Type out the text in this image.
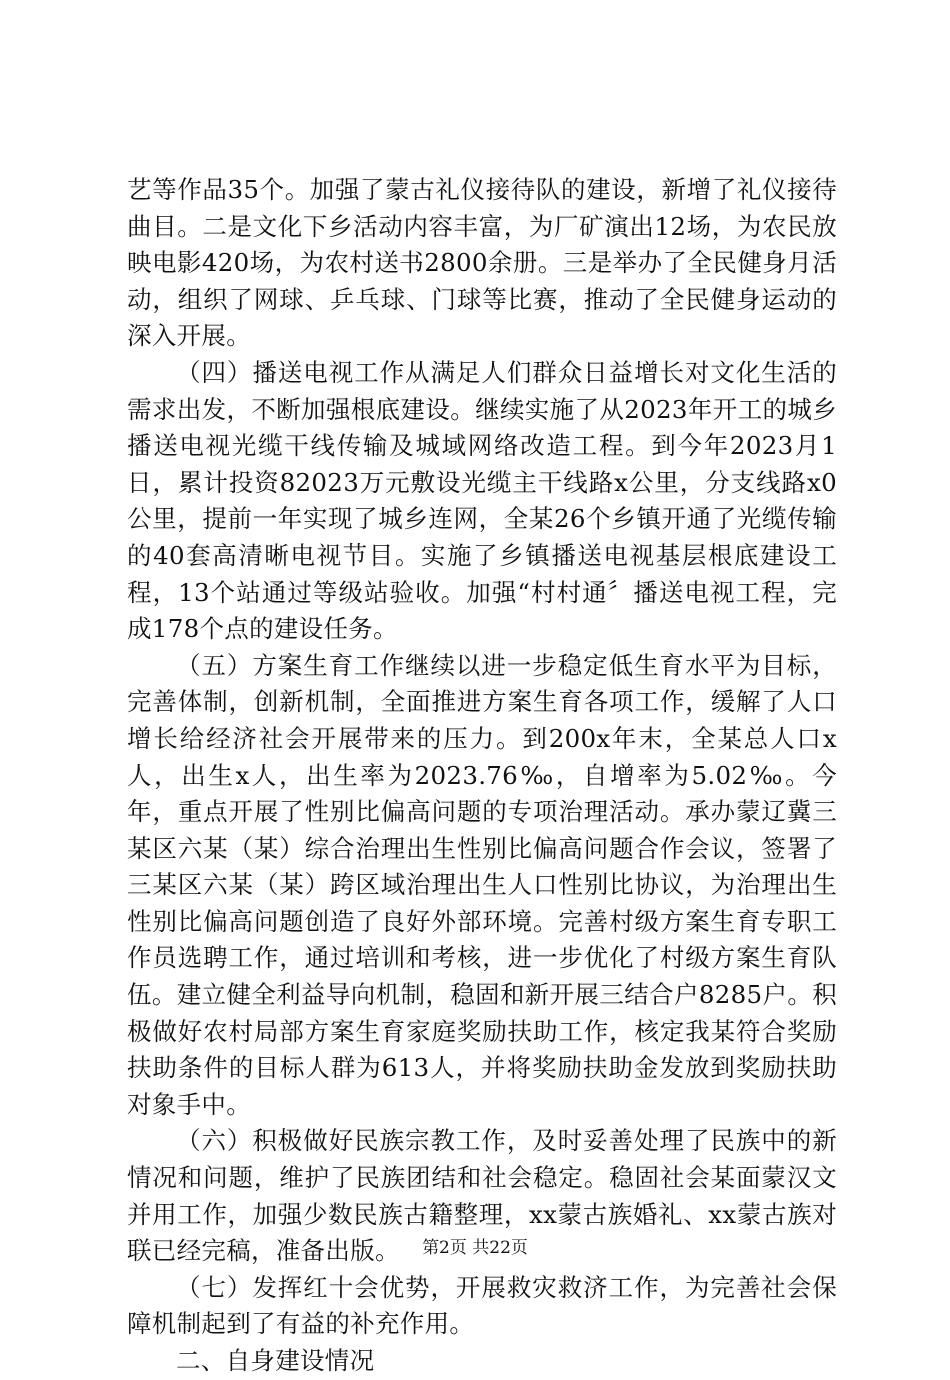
艺等作品35个。加强了蒙古礼仪接待队的建设，新增了礼仪接待曲目。二是文化下乡活动内容丰富，为厂矿演出12场，为农民放映电影420场，为农村送书2800余册。三是举办了全民健身月活动，组织了网球、乒乓球、门球等比赛，推动了全民健身运动的深入开展。

（四）播送电视工作从满足人们群众日益增长对文化生活的需求出发，不断加强根底建设。继续实施了从2023年开工的城乡播送电视光缆干线传输及城域网络改造工程。到今年2023月1日，累计投资82023万元敷设光缆主干线路x公里，分支线路x0公里，提前一年实现了城乡连网，全某26个乡镇开通了光缆传输的40套高清晰电视节目。实施了乡镇播送电视基层根底建设工程，13个站通过等级站验收。加强“村村通〞播送电视工程，完成178个点的建设任务。

（五）方案生育工作继续以进一步稳定低生育水平为目标，完善体制，创新机制，全面推进方案生育各项工作，缓解了人口增长给经济社会开展带来的压力。到200x年末，全某总人口x人，出生x人，出生率为2023.76‰，自增率为5.02‰。今年，重点开展了性别比偏高问题的专项治理活动。承办蒙辽冀三某区六某（某）综合治理出生性别比偏高问题合作会议，签署了三某区六某（某）跨区域治理出生人口性别比协议，为治理出生性别比偏高问题创造了良好外部环境。完善村级方案生育专职工作员选聘工作，通过培训和考核，进一步优化了村级方案生育队伍。建立健全利益导向机制，稳固和新开展三结合户8285户。积极做好农村局部方案生育家庭奖励扶助工作，核定我某符合奖励扶助条件的目标人群为613人，并将奖励扶助金发放到奖励扶助对象手中。

（六）积极做好民族宗教工作，及时妥善处理了民族中的新情况和问题，维护了民族团结和社会稳定。稳固社会某面蒙汉文并用工作，加强少数民族古籍整理，xx蒙古族婚礼、xx蒙古族对联已经完稿，准备出版。

（七）发挥红十会优势，开展救灾救济工作，为完善社会保障机制起到了有益的补充作用。

二、自身建设情况

第2页 共22页
